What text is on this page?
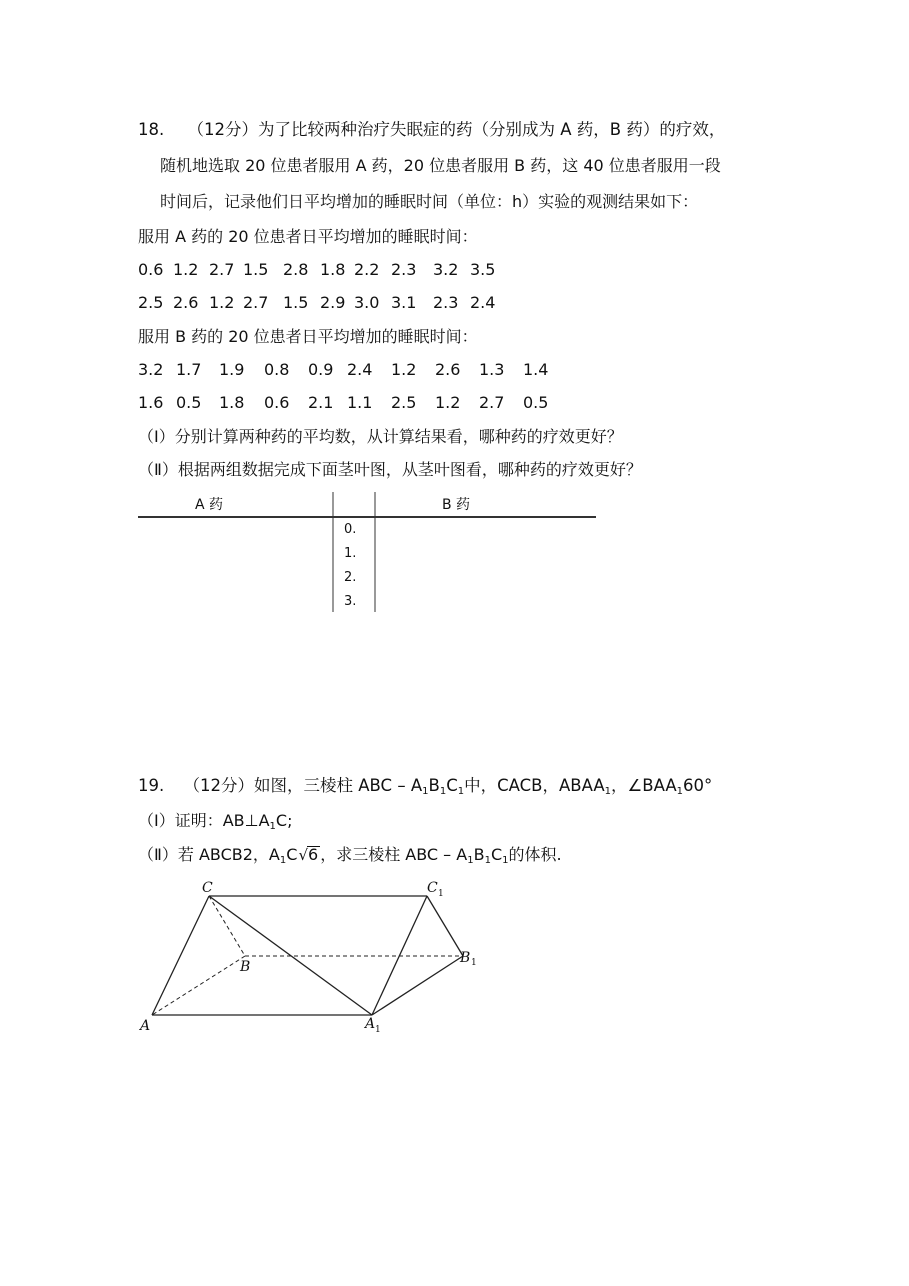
18. （12分）为了比较两种治疗失眠症的药（分别成为 A 药，B 药）的疗效，
随机地选取 20 位患者服用 A 药，20 位患者服用 B 药，这 40 位患者服用一段
时间后，记录他们日平均增加的睡眠时间（单位：h）实验的观测结果如下：
服用 A 药的 20 位患者日平均增加的睡眠时间：
0.6 1.2 2.7 1.5 2.8 1.8 2.2 2.3 3.2 3.5
2.5 2.6 1.2 2.7 1.5 2.9 3.0 3.1 2.3 2.4
服用 B 药的 20 位患者日平均增加的睡眠时间：
3.2 1.7 1.9 0.8 0.9 2.4 1.2 2.6 1.3 1.4
1.6 0.5 1.8 0.6 2.1 1.1 2.5 1.2 2.7 0.5
（Ⅰ）分别计算两种药的平均数，从计算结果看，哪种药的疗效更好？
（Ⅱ）根据两组数据完成下面茎叶图，从茎叶图看，哪种药的疗效更好？
A 药	B 药
0.
1.
2.
3.
19. （12分）如图，三棱柱 ABC – $A_1B_1C_1$中，CACB，$ABAA_1$，$\angle BAA_160^\circ$
（Ⅰ）证明：$AB\perp A_1C$;
（Ⅱ）若 ABCB2，$A_1C√6$ ，求三棱柱 ABC – $A_1B_1C_1$的体积.
C	C 1
B
B 1
A	A 1
